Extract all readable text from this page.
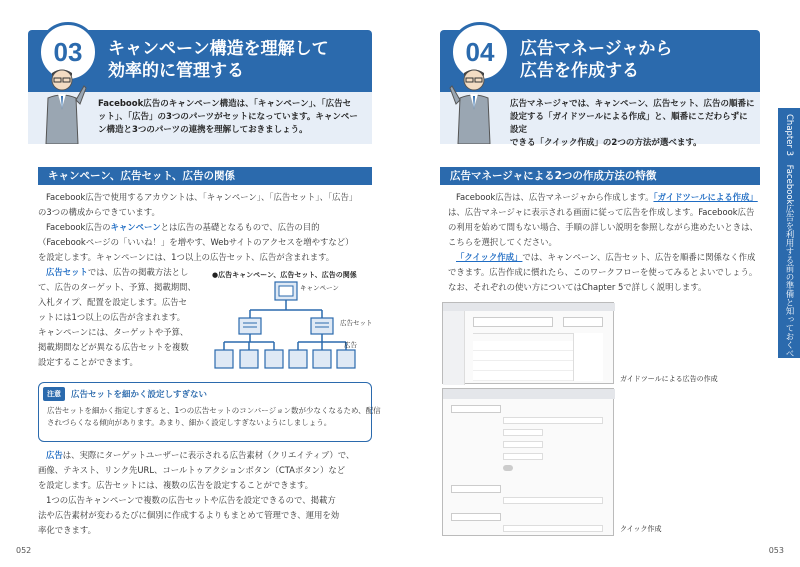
03 キャンペーン構造を理解して
効率的に管理する
Facebook広告のキャンペーン構造は、「キャンペーン」、「広告セ
ット」、「広告」の3つのパーツがセットになっています。キャンペー
ン構造と3つのパーツの連携を理解しておきましょう。
キャンペーン、広告セット、広告の関係

Facebook広告で使用するアカウントは、「キャンペーン」、「広告セット」、「広告」

の3つの構成からできています。

Facebook広告のキャンペーンとは広告の基礎となるもので、広告の目的

（Facebookページの「いいね！」を増やす、Webサイトのアクセスを増やすなど）

を設定します。キャンペーンには、1つ以上の広告セット、広告が含まれます。

広告セットでは、広告の掲載方法とし

て、広告のターゲット、予算、掲載期間、

入札タイプ、配置を設定します。広告セ

ットには1つ以上の広告が含まれます。

キャンペーンには、ターゲットや予算、

掲載期間などが異なる広告セットを複数

設定することができます。

●広告キャンペーン、広告セット、広告の関係
キャンペーン
広告セット
広告
注意	広告セットを細かく設定しすぎない
広告セットを細かく指定しすぎると、1つの広告セットのコンバージョン数が少なくなるため、配信
されづらくなる傾向があります。あまり、細かく設定しすぎないようにしましょう。

広告は、実際にターゲットユーザーに表示される広告素材（クリエイティブ）で、

画像、テキスト、リンク先URL、コールトゥアクションボタン（CTAボタン）など

を設定します。広告セットには、複数の広告を設定することができます。

1つの広告キャンペーンで複数の広告セットや広告を設定できるので、掲載方

法や広告素材が変わるたびに個別に作成するよりもまとめて管理でき、運用を効

率化できます。

052
04 広告マネージャから
広告を作成する
広告マネージャでは、キャンペーン、広告セット、広告の順番に
設定する「ガイドツールによる作成」と、順番にこだわらずに設定
できる「クイック作成」の2つの方法が選べます。
広告マネージャによる2つの作成方法の特徴

Facebook広告は、広告マネージャから作成します。「ガイドツールによる作成」

は、広告マネージャに表示される画面に従って広告を作成します。Facebook広告

の利用を始めて間もない場合、手順の詳しい説明を参照しながら進めたいときは、

こちらを選択してください。

「クイック作成」では、キャンペーン、広告セット、広告を順番に関係なく作成

できます。広告作成に慣れたら、このワークフローを使ってみるとよいでしょう。

なお、それぞれの使い方についてはChapter 5で詳しく説明します。

ガイドツールによる広告の作成
クイック作成
Chapter 3　Facebook広告を利用する前の準備と知っておくべきこと
053
